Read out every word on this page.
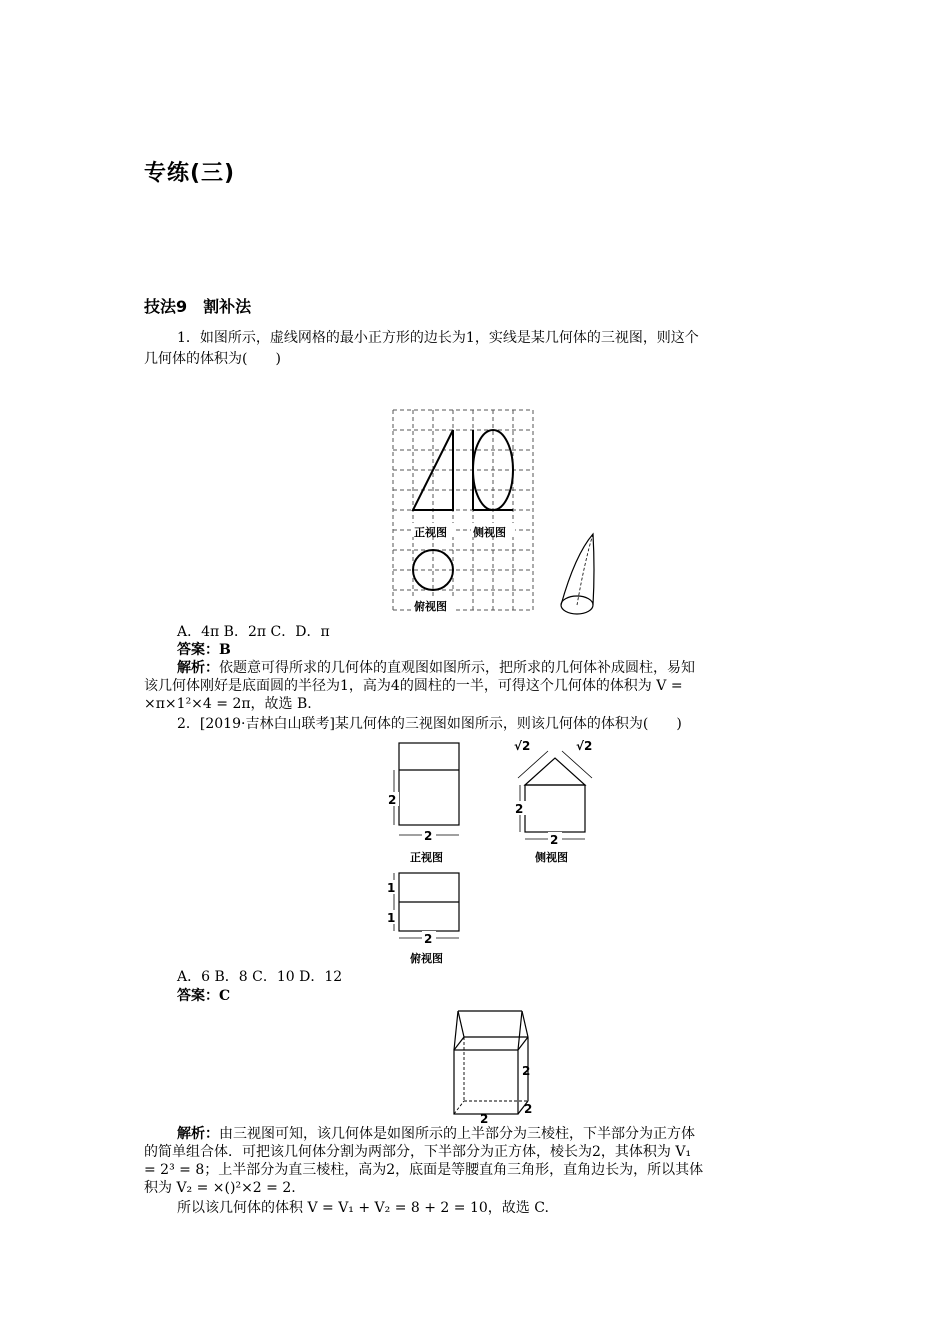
专练(三)
技法9　割补法
1．如图所示，虚线网格的最小正方形的边长为1，实线是某几何体的三视图，则这个
几何体的体积为(　　)
正视图 侧视图
俯视图
A．4π B．2π C．D．π
答案：B
解析：依题意可得所求的几何体的直观图如图所示，把所求的几何体补成圆柱，易知
该几何体刚好是底面圆的半径为1，高为4的圆柱的一半，可得这个几何体的体积为 V =
×π×1²×4 = 2π，故选 B.
2．[2019·吉林白山联考]某几何体的三视图如图所示，则该几何体的体积为(　　)
2
2
正视图
2
2
√2	√2
侧视图
1
1
2
俯视图
A．6 B．8 C．10 D．12
答案：C
2
2
2
解析：由三视图可知，该几何体是如图所示的上半部分为三棱柱，下半部分为正方体
的简单组合体．可把该几何体分割为两部分，下半部分为正方体，棱长为2，其体积为 V₁
= 2³ = 8；上半部分为直三棱柱，高为2，底面是等腰直角三角形，直角边长为，所以其体
积为 V₂ = ×()²×2 = 2.
所以该几何体的体积 V = V₁ + V₂ = 8 + 2 = 10，故选 C.
